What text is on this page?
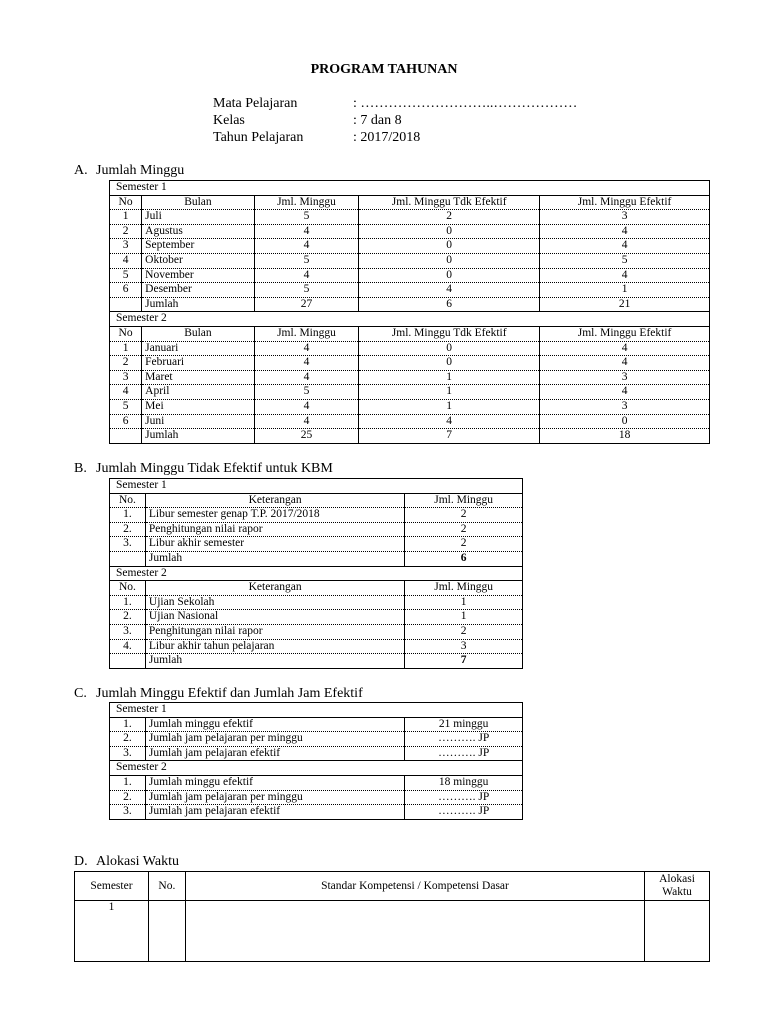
PROGRAM TAHUNAN
Mata Pelajaran	: ………………………..………………
Kelas	: 7 dan 8
Tahun Pelajaran	: 2017/2018
A. Jumlah Minggu
Semester 1				
No	Bulan	Jml. Minggu	Jml. Minggu Tdk Efektif	Jml. Minggu Efektif
1	Juli	5	2	3
2	Agustus	4	0	4
3	September	4	0	4
4	Oktober	5	0	5
5	November	4	0	4
6	Desember	5	4	1
	Jumlah	27	6	21
Semester 2				
No	Bulan	Jml. Minggu	Jml. Minggu Tdk Efektif	Jml. Minggu Efektif
1	Januari	4	0	4
2	Februari	4	0	4
3	Maret	4	1	3
4	April	5	1	4
5	Mei	4	1	3
6	Juni	4	4	0
	Jumlah	25	7	18
B. Jumlah Minggu Tidak Efektif untuk KBM
Semester 1		
No.	Keterangan	Jml. Minggu
1.	Libur semester genap T.P. 2017/2018	2
2.	Penghitungan nilai rapor	2
3.	Libur akhir semester	2
	Jumlah	6
Semester 2		
No.	Keterangan	Jml. Minggu
1.	Ujian Sekolah	1
2.	Ujian Nasional	1
3.	Penghitungan nilai rapor	2
4.	Libur akhir tahun pelajaran	3
	Jumlah	7
C. Jumlah Minggu Efektif dan Jumlah Jam Efektif
Semester 1		
1.	Jumlah minggu efektif	21 minggu
2.	Jumlah jam pelajaran per minggu	………. JP
3.	Jumlah jam pelajaran efektif	………. JP
Semester 2		
1.	Jumlah minggu efektif	18 minggu
2.	Jumlah jam pelajaran per minggu	………. JP
3.	Jumlah jam pelajaran efektif	………. JP
D. Alokasi Waktu
Semester	No.	Standar Kompetensi / Kompetensi Dasar	Alokasi Waktu
1			
